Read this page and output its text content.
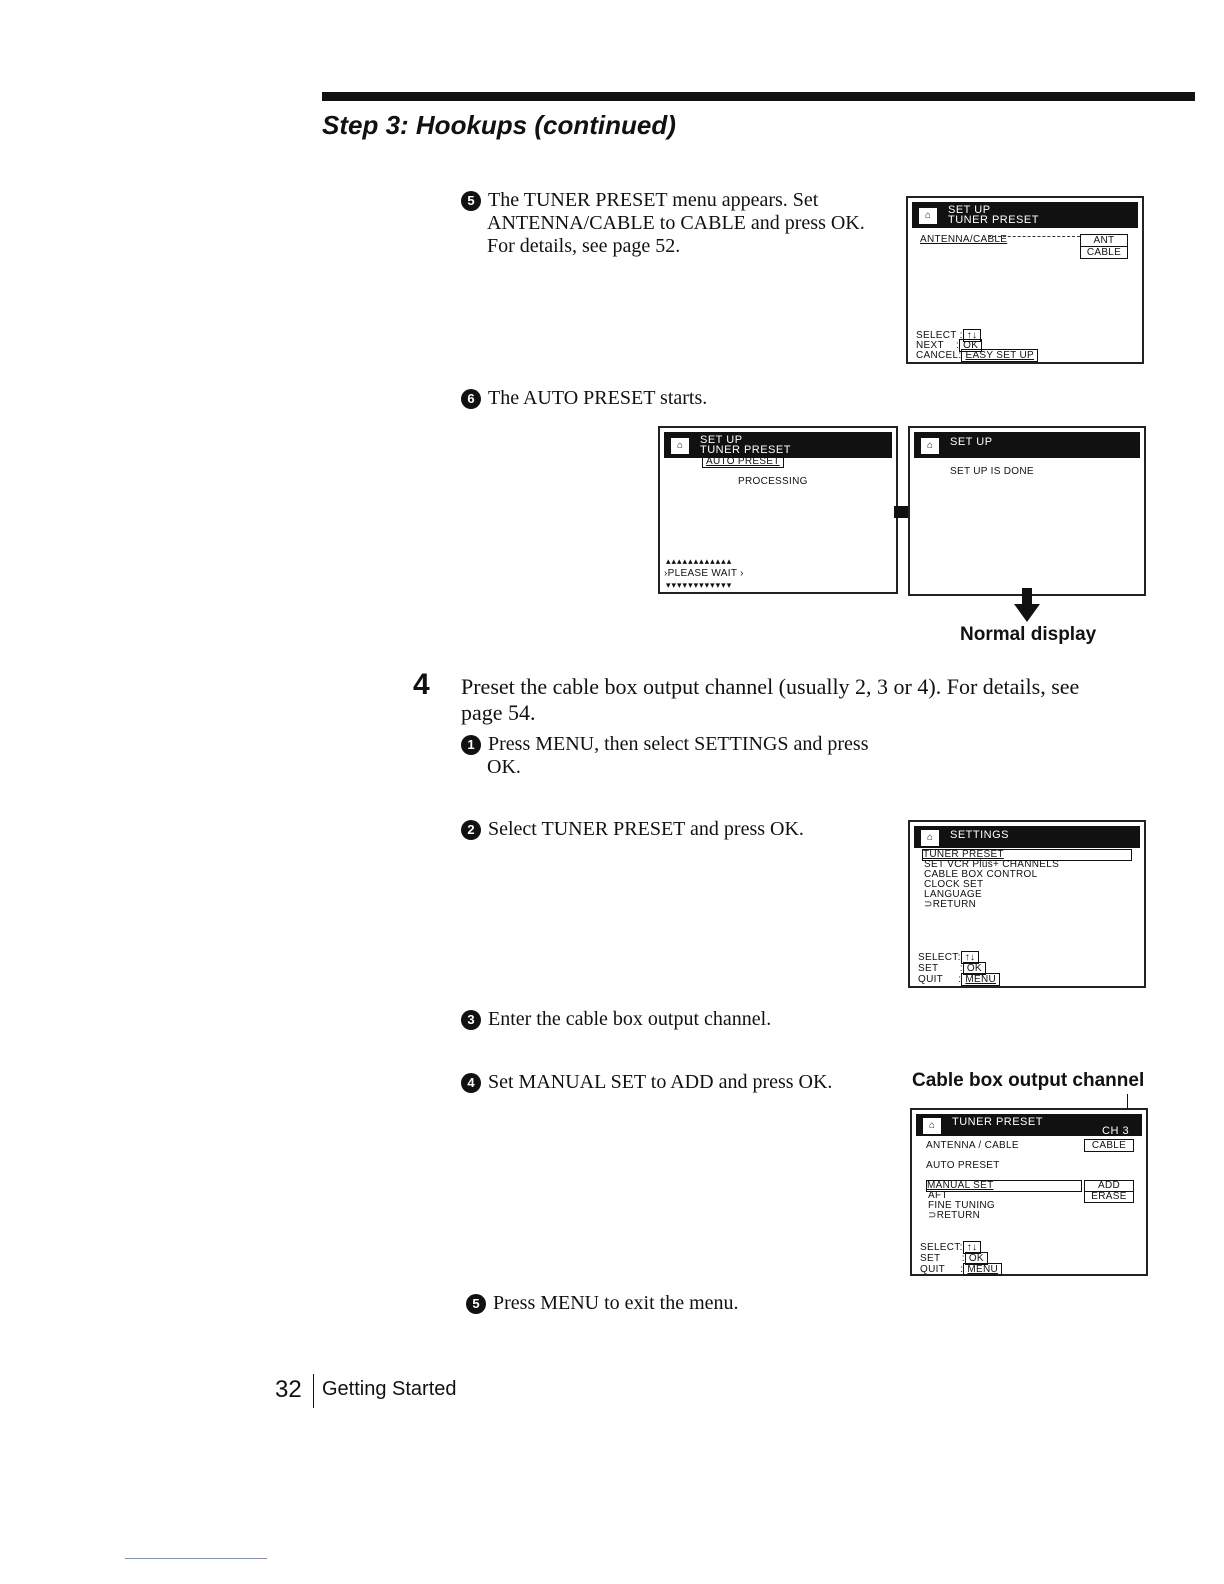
Step 3: Hookups (continued)
5 The TUNER PRESET menu appears. Set
ANTENNA/CABLE to CABLE and press OK.
For details, see page 52.
⌂	SET UP
TUNER PRESET
ANTENNA/CABLE	ANT
CABLE
SELECT : ↑↓
NEXT    : OK
CANCEL: EASY SET UP
6 The AUTO PRESET starts.
⌂	SET UP
TUNER PRESET
AUTO PRESET
PROCESSING
▴▴▴▴▴▴▴▴▴▴▴▴
›PLEASE WAIT ›
▾▾▾▾▾▾▾▾▾▾▾▾
⌂	SET UP
SET UP IS DONE
Normal display
4 Preset the cable box output channel (usually 2, 3 or 4). For details, see
page 54.
1 Press MENU, then select SETTINGS and press
OK.
2 Select TUNER PRESET and press OK.	⌂	SETTINGS
TUNER PRESET
SET VCR Plus+ CHANNELS
CABLE BOX CONTROL
CLOCK SET
LANGUAGE
⊃RETURN
SELECT: ↑↓
SET       : OK
QUIT     : MENU
3 Enter the cable box output channel.
4 Set MANUAL SET to ADD and press OK.	Cable box output channel
⌂	TUNER PRESET
CH 3
ANTENNA / CABLE	CABLE
AUTO PRESET
MANUAL SET	ADD
ERASE
AFT
FINE TUNING
⊃RETURN
SELECT: ↑↓
SET       : OK
QUIT     : MENU
5 Press MENU to exit the menu.
32 Getting Started
